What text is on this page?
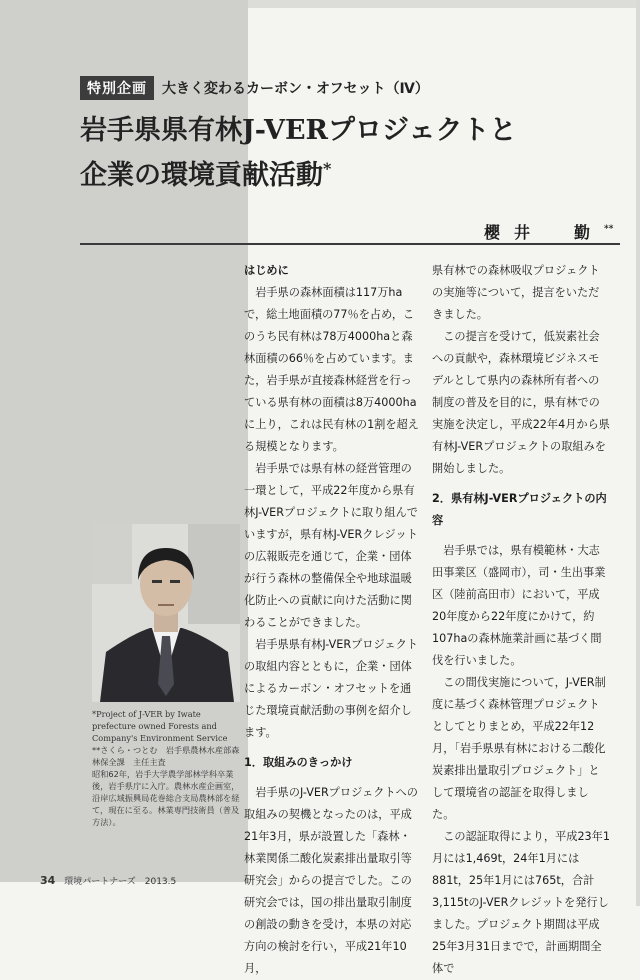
特別企画	大きく変わるカーボン・オフセット（Ⅳ）
岩手県県有林J-VERプロジェクトと
企業の環境貢献活動*
櫻井　勤**
はじめに

岩手県の森林面積は117万haで，総土地面積の77％を占め，このうち民有林は78万4000haと森林面積の66％を占めています。また，岩手県が直接森林経営を行っている県有林の面積は8万4000haに上り，これは民有林の1割を超える規模となります。

岩手県では県有林の経営管理の一環として，平成22年度から県有林J-VERプロジェクトに取り組んでいますが，県有林J-VERクレジットの広報販売を通じて，企業・団体が行う森林の整備保全や地球温暖化防止への貢献に向けた活動に関わることができました。

岩手県県有林J-VERプロジェクトの取組内容とともに，企業・団体によるカーボン・オフセットを通じた環境貢献活動の事例を紹介します。

1．取組みのきっかけ

岩手県のJ-VERプロジェクトへの取組みの契機となったのは，平成21年3月，県が設置した「森林・林業関係二酸化炭素排出量取引等研究会」からの提言でした。この研究会では，国の排出量取引制度の創設の動きを受け，本県の対応方向の検討を行い，平成21年10月，

県有林での森林吸収プロジェクトの実施等について，提言をいただきました。

この提言を受けて，低炭素社会への貢献や，森林環境ビジネスモデルとして県内の森林所有者への制度の普及を目的に，県有林での実施を決定し，平成22年4月から県有林J-VERプロジェクトの取組みを開始しました。

2．県有林J-VERプロジェクトの内容

岩手県では，県有模範林・大志田事業区（盛岡市），司・生出事業区（陸前高田市）において，平成20年度から22年度にかけて，約107haの森林施業計画に基づく間伐を行いました。

この間伐実施について，J-VER制度に基づく森林管理プロジェクトとしてとりまとめ，平成22年12月，「岩手県県有林における二酸化炭素排出量取引プロジェクト」として環境省の認証を取得しました。

この認証取得により，平成23年1月には1,469t，24年1月には881t，25年1月には765t，合計3,115tのJ-VERクレジットを発行しました。プロジェクト期間は平成25年3月31日までで，計画期間全体で

*Project of J-VER by Iwate prefecture owned Forests and Company's Environment Service
**さくら・つとむ　岩手県農林水産部森林保全課　主任主査
昭和62年，岩手大学農学部林学科卒業後，岩手県庁に入庁。農林水産企画室，沿岸広域振興局花巻総合支局農林部を経て，現在に至る。林業専門技術員（普及方法）。
34 環境パートナーズ　2013.5
